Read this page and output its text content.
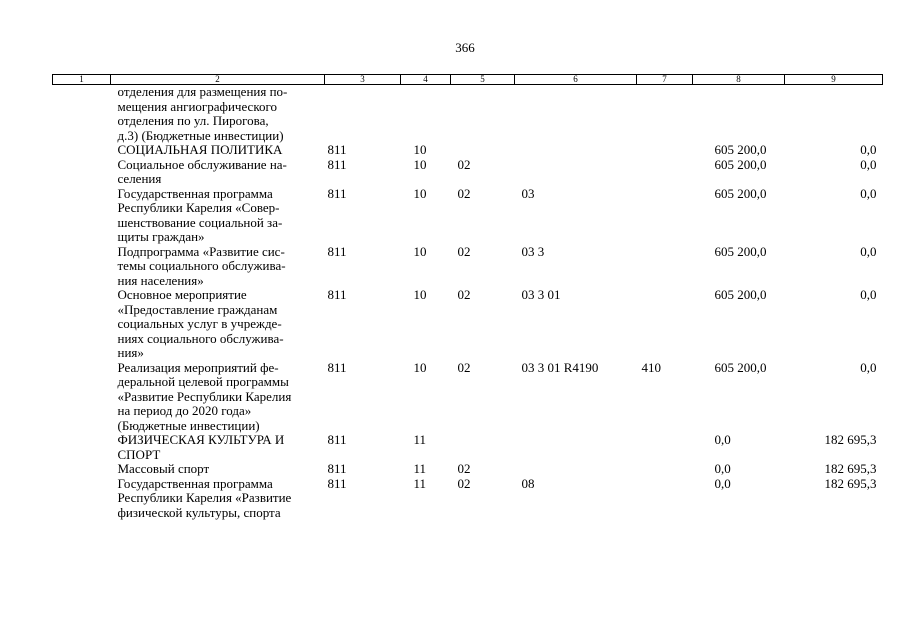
366
1	2	3	4	5	6	7	8	9
	отделения для размещения по-
мещения ангиографического
отделения по ул. Пирогова,
д.3) (Бюджетные инвестиции)							
	СОЦИАЛЬНАЯ ПОЛИТИКА	811	10				605 200,0	0,0
	Социальное обслуживание на-
селения	811	10	02			605 200,0	0,0
	Государственная программа
Республики Карелия «Совер-
шенствование социальной за-
щиты граждан»	811	10	02	03		605 200,0	0,0
	Подпрограмма «Развитие сис-
темы социального обслужива-
ния населения»	811	10	02	03 3		605 200,0	0,0
	Основное мероприятие
«Предоставление гражданам
социальных услуг в учрежде-
ниях социального обслужива-
ния»	811	10	02	03 3 01		605 200,0	0,0
	Реализация мероприятий фе-
деральной целевой программы
«Развитие Республики Карелия
на период до 2020 года»
(Бюджетные инвестиции)	811	10	02	03 3 01 R4190	410	605 200,0	0,0
	ФИЗИЧЕСКАЯ КУЛЬТУРА И
СПОРТ	811	11				0,0	182 695,3
	Массовый спорт	811	11	02			0,0	182 695,3
	Государственная программа
Республики Карелия «Развитие
физической культуры, спорта	811	11	02	08		0,0	182 695,3
